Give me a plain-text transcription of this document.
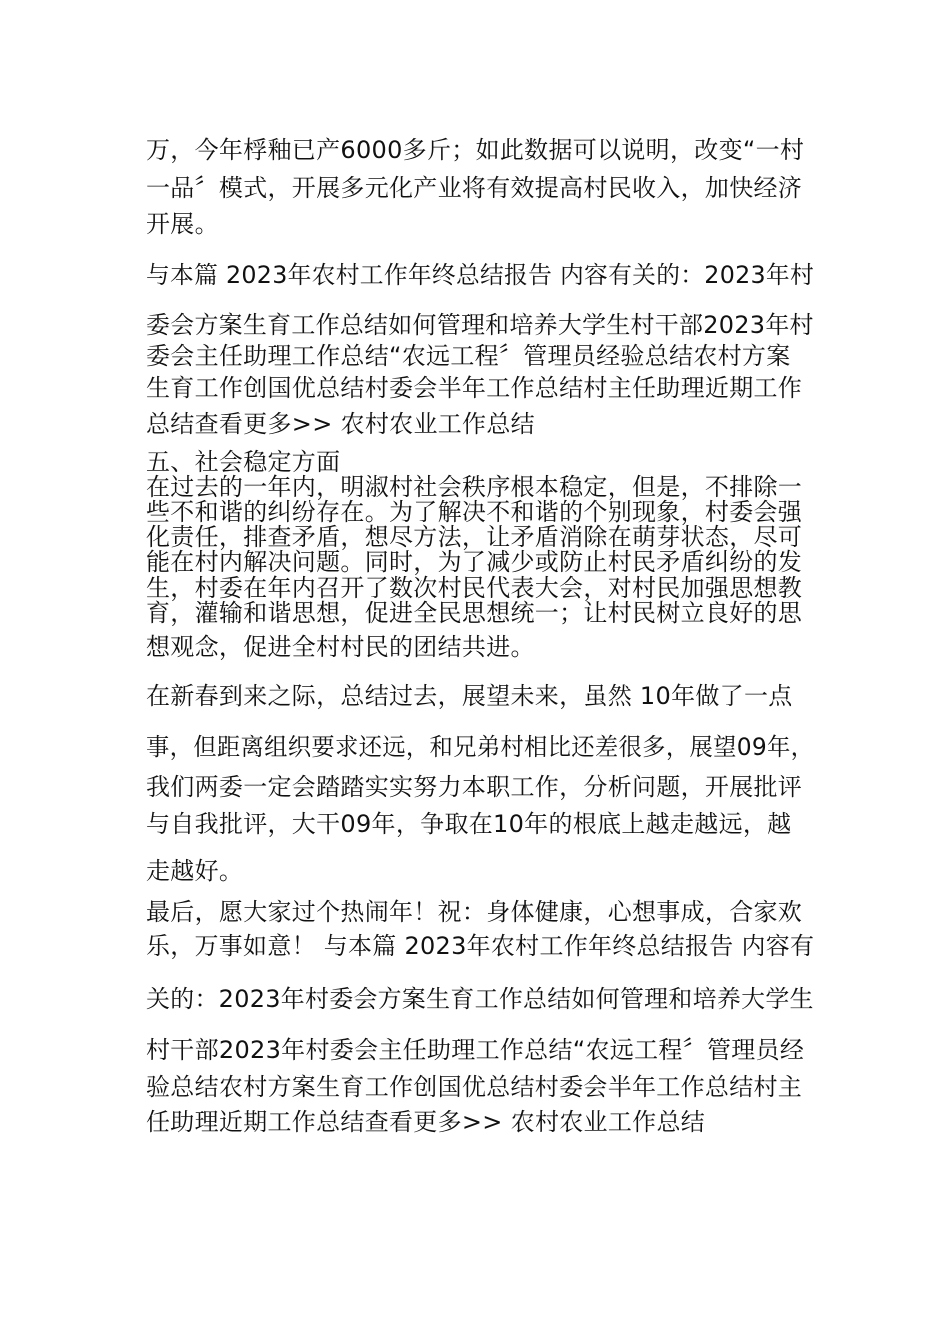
万，今年桴釉已产6000多斤；如此数据可以说明，改变“一村

一品〞模式，开展多元化产业将有效提高村民收入，加快经济

开展。

与本篇 2023年农村工作年终总结报告 内容有关的：2023年村

委会方案生育工作总结如何管理和培养大学生村干部2023年村

委会主任助理工作总结“农远工程〞管理员经验总结农村方案

生育工作创国优总结村委会半年工作总结村主任助理近期工作

总结查看更多>> 农村农业工作总结

五、社会稳定方面

在过去的一年内，明淑村社会秩序根本稳定，但是，不排除一

些不和谐的纠纷存在。为了解决不和谐的个别现象，村委会强

化责任，排查矛盾，想尽方法，让矛盾消除在萌芽状态，尽可

能在村内解决问题。同时，为了减少或防止村民矛盾纠纷的发

生，村委在年内召开了数次村民代表大会，对村民加强思想教

育，灌输和谐思想，促进全民思想统一；让村民树立良好的思

想观念，促进全村村民的团结共进。

在新春到来之际，总结过去，展望未来，虽然 10年做了一点

事，但距离组织要求还远，和兄弟村相比还差很多，展望09年，

我们两委一定会踏踏实实努力本职工作，分析问题，开展批评

与自我批评，大干09年，争取在10年的根底上越走越远，越

走越好。

最后，愿大家过个热闹年！祝：身体健康，心想事成，合家欢

乐，万事如意！ 与本篇 2023年农村工作年终总结报告 内容有

关的：2023年村委会方案生育工作总结如何管理和培养大学生

村干部2023年村委会主任助理工作总结“农远工程〞管理员经

验总结农村方案生育工作创国优总结村委会半年工作总结村主

任助理近期工作总结查看更多>> 农村农业工作总结
